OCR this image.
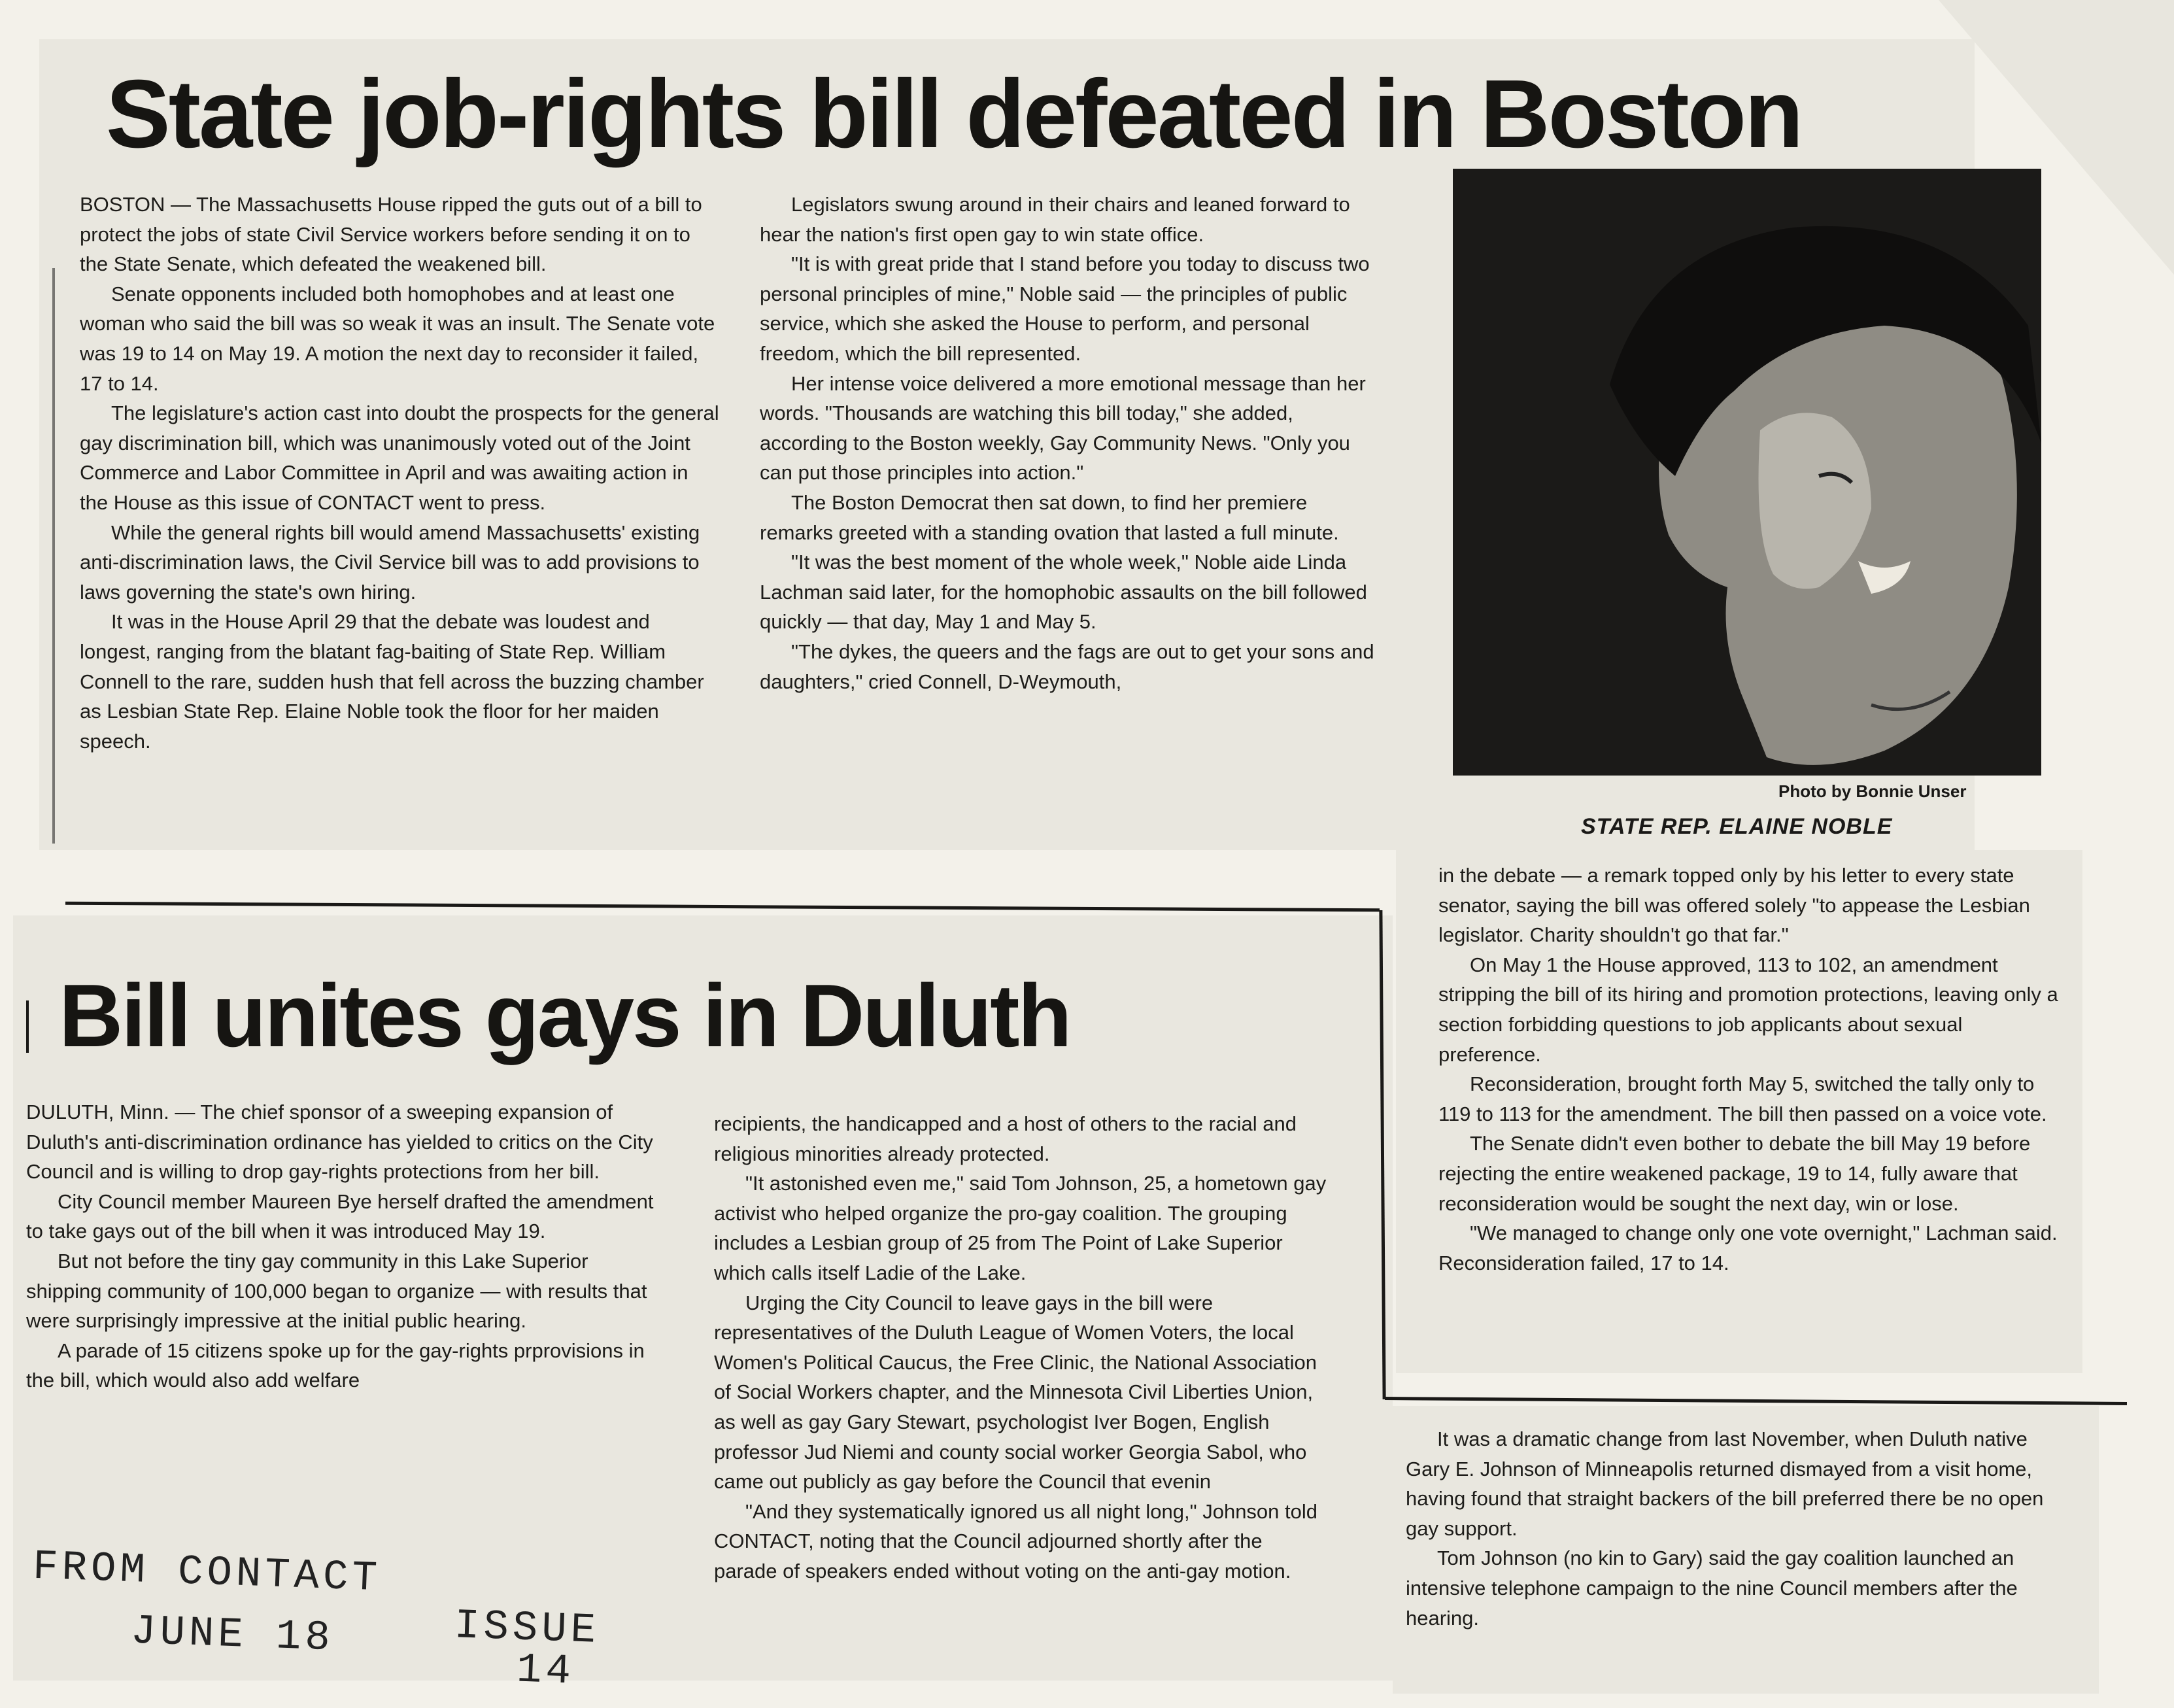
State job-rights bill defeated in Boston

BOSTON — The Massachusetts House ripped the guts out of a bill to protect the jobs of state Civil Service workers before sending it on to the State Senate, which defeated the weakened bill.

Senate opponents included both homophobes and at least one woman who said the bill was so weak it was an insult. The Senate vote was 19 to 14 on May 19. A motion the next day to reconsider it failed, 17 to 14.

The legislature's action cast into doubt the prospects for the general gay discrimination bill, which was unanimously voted out of the Joint Commerce and Labor Committee in April and was awaiting action in the House as this issue of CONTACT went to press.

While the general rights bill would amend Massachusetts' existing anti-discrimination laws, the Civil Service bill was to add provisions to laws governing the state's own hiring.

It was in the House April 29 that the debate was loudest and longest, ranging from the blatant fag-baiting of State Rep. William Connell to the rare, sudden hush that fell across the buzzing chamber as Lesbian State Rep. Elaine Noble took the floor for her maiden speech.

Legislators swung around in their chairs and leaned forward to hear the nation's first open gay to win state office.

"It is with great pride that I stand before you today to discuss two personal principles of mine," Noble said — the principles of public service, which she asked the House to perform, and personal freedom, which the bill represented.

Her intense voice delivered a more emotional message than her words. "Thousands are watching this bill today," she added, according to the Boston weekly, Gay Community News. "Only you can put those principles into action."

The Boston Democrat then sat down, to find her premiere remarks greeted with a standing ovation that lasted a full minute.

"It was the best moment of the whole week," Noble aide Linda Lachman said later, for the homophobic assaults on the bill followed quickly — that day, May 1 and May 5.

"The dykes, the queers and the fags are out to get your sons and daughters," cried Connell, D-Weymouth,

Photo by Bonnie Unser
STATE REP. ELAINE NOBLE

in the debate — a remark topped only by his letter to every state senator, saying the bill was offered solely "to appease the Lesbian legislator. Charity shouldn't go that far."

On May 1 the House approved, 113 to 102, an amendment stripping the bill of its hiring and promotion protections, leaving only a section forbidding questions to job applicants about sexual preference.

Reconsideration, brought forth May 5, switched the tally only to 119 to 113 for the amendment. The bill then passed on a voice vote.

The Senate didn't even bother to debate the bill May 19 before rejecting the entire weakened package, 19 to 14, fully aware that reconsideration would be sought the next day, win or lose.

"We managed to change only one vote overnight," Lachman said. Reconsideration failed, 17 to 14.

Bill unites gays in Duluth

DULUTH, Minn. — The chief sponsor of a sweeping expansion of Duluth's anti-discrimination ordinance has yielded to critics on the City Council and is willing to drop gay-rights protections from her bill.

City Council member Maureen Bye herself drafted the amendment to take gays out of the bill when it was introduced May 19.

But not before the tiny gay community in this Lake Superior shipping community of 100,000 began to organize — with results that were surprisingly impressive at the initial public hearing.

A parade of 15 citizens spoke up for the gay-rights prprovisions in the bill, which would also add welfare

recipients, the handicapped and a host of others to the racial and religious minorities already protected.

"It astonished even me," said Tom Johnson, 25, a hometown gay activist who helped organize the pro-gay coalition. The grouping includes a Lesbian group of 25 from The Point of Lake Superior which calls itself Ladie of the Lake.

Urging the City Council to leave gays in the bill were representatives of the Duluth League of Women Voters, the local Women's Political Caucus, the Free Clinic, the National Association of Social Workers chapter, and the Minnesota Civil Liberties Union, as well as gay Gary Stewart, psychologist Iver Bogen, English professor Jud Niemi and county social worker Georgia Sabol, who came out publicly as gay before the Council that evenin

"And they systematically ignored us all night long," Johnson told CONTACT, noting that the Council adjourned shortly after the parade of speakers ended without voting on the anti-gay motion.

It was a dramatic change from last November, when Duluth native Gary E. Johnson of Minneapolis returned dismayed from a visit home, having found that straight backers of the bill preferred there be no open gay support.

Tom Johnson (no kin to Gary) said the gay coalition launched an intensive telephone campaign to the nine Council members after the hearing.

FROM CONTACT
JUNE 18	ISSUE
14
